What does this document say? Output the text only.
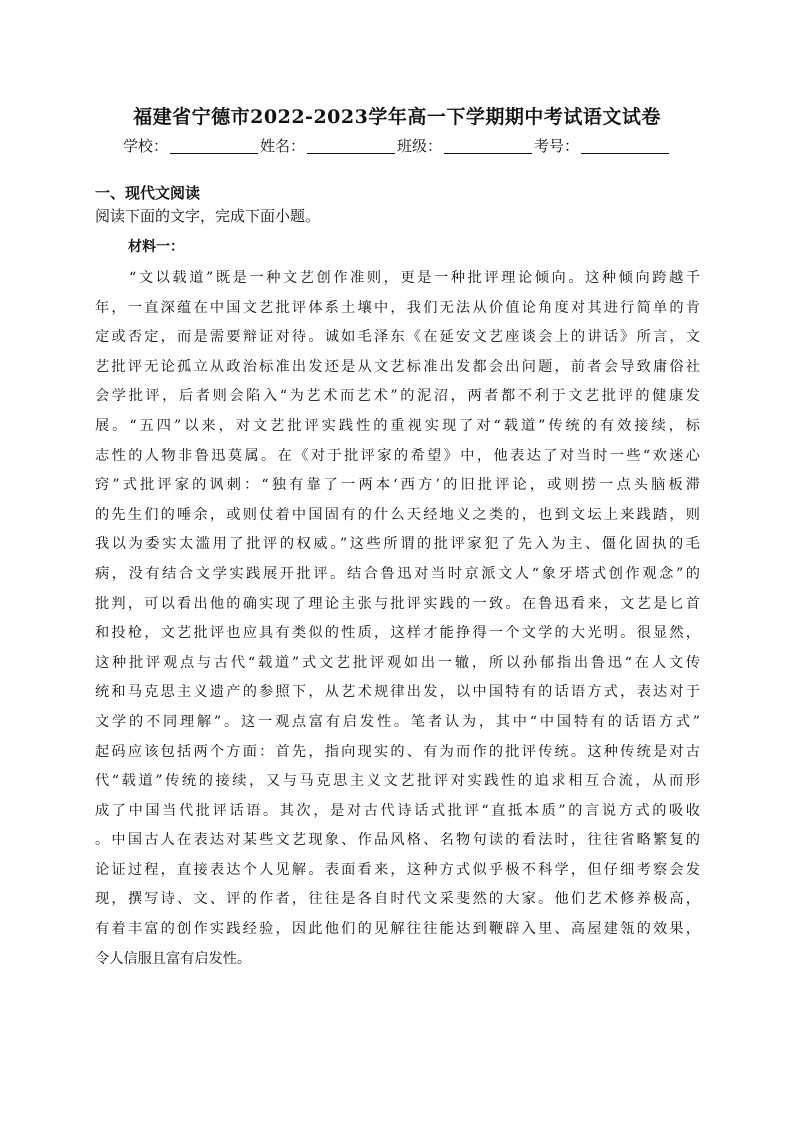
福建省宁德市2022-2023学年高一下学期期中考试语文试卷
学校：	姓名：	班级：	考号：
一、现代文阅读
阅读下面的文字，完成下面小题。
材料一：
“文以载道”既是一种文艺创作准则，更是一种批评理论倾向。这种倾向跨越千
年，一直深蕴在中国文艺批评体系土壤中，我们无法从价值论角度对其进行简单的肯
定或否定，而是需要辩证对待。诚如毛泽东《在延安文艺座谈会上的讲话》所言，文
艺批评无论孤立从政治标准出发还是从文艺标准出发都会出问题，前者会导致庸俗社
会学批评，后者则会陷入“为艺术而艺术”的泥沼，两者都不利于文艺批评的健康发
展。“五四”以来，对文艺批评实践性的重视实现了对“载道”传统的有效接续，标
志性的人物非鲁迅莫属。在《对于批评家的希望》中，他表达了对当时一些“欢迷心
窍”式批评家的讽刺：“独有靠了一两本‘西方’的旧批评论，或则捞一点头脑板滞
的先生们的唾余，或则仗着中国固有的什么天经地义之类的，也到文坛上来践踏，则
我以为委实太滥用了批评的权威。”这些所谓的批评家犯了先入为主、僵化固执的毛
病，没有结合文学实践展开批评。结合鲁迅对当时京派文人“象牙塔式创作观念”的
批判，可以看出他的确实现了理论主张与批评实践的一致。在鲁迅看来，文艺是匕首
和投枪，文艺批评也应具有类似的性质，这样才能挣得一个文学的大光明。很显然，
这种批评观点与古代“载道”式文艺批评观如出一辙，所以孙郁指出鲁迅“在人文传
统和马克思主义遗产的参照下，从艺术规律出发，以中国特有的话语方式，表达对于
文学的不同理解”。这一观点富有启发性。笔者认为，其中“中国特有的话语方式”
起码应该包括两个方面：首先，指向现实的、有为而作的批评传统。这种传统是对古
代“载道”传统的接续，又与马克思主义文艺批评对实践性的追求相互合流，从而形
成了中国当代批评话语。其次，是对古代诗话式批评“直抵本质”的言说方式的吸收
。中国古人在表达对某些文艺现象、作品风格、名物句读的看法时，往往省略繁复的
论证过程，直接表达个人见解。表面看来，这种方式似乎极不科学，但仔细考察会发
现，撰写诗、文、评的作者，往往是各自时代文采斐然的大家。他们艺术修养极高，
有着丰富的创作实践经验，因此他们的见解往往能达到鞭辟入里、高屋建瓴的效果，
令人信服且富有启发性。
